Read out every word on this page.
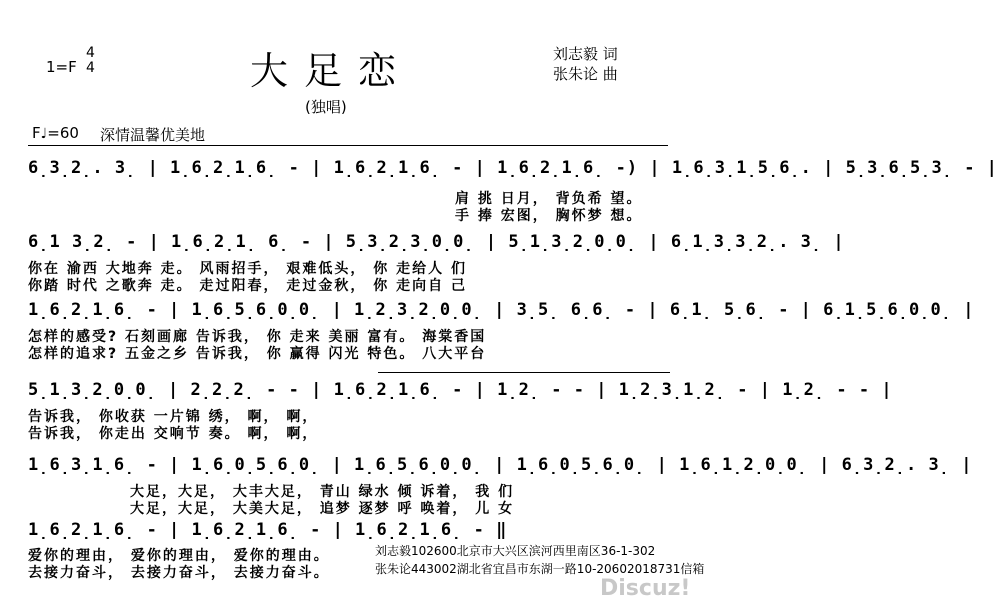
1=F
4
4	大足恋	刘志毅 词
张朱论 曲
(独唱)
F♩=60 深情温馨优美地
6̣3̣2̣. 3̣ | 1̣6̣2̣1̣6̣ - | 1̣6̣2̣1̣6̣ - | 1̣6̣2̣1̣6̣ -) | 1̣6̣3̣1̣5̣6̣. | 5̣3̣6̣5̣3̣ - |
肩 挑 日月， 背负希 望。
手 捧 宏图， 胸怀梦 想。
6̣1 3̣2̣ - | 1̣6̣2̣1̣ 6̣ - | 5̣3̣2̣3̣0̣0̣ | 5̣1̣3̣2̣0̣0̣ | 6̣1̣3̣3̣2̣. 3̣ |
你在 渝西 大地奔 走。 风雨招手， 艰难低头， 你 走给人 们
你踏 时代 之歌奔 走。 走过阳春， 走过金秋， 你 走向自 己
1̣6̣2̣1̣6̣ - | 1̣6̣5̣6̣0̣0̣ | 1̣2̣3̣2̣0̣0̣ | 3̣5̣ 6̣6̣ - | 6̣1̣ 5̣6̣ - | 6̣1̣5̣6̣0̣0̣ |
怎样的感受? 石刻画廊 告诉我， 你 走来 美丽 富有。 海棠香国
怎样的追求? 五金之乡 告诉我， 你 赢得 闪光 特色。 八大平台
5̣1̣3̣2̣0̣0̣ | 2̣2̣2̣ - - | 1̣6̣2̣1̣6̣ - | 1̣2̣ - - | 1̣2̣3̣1̣2̣ - | 1̣2̣ - - |
告诉我， 你收获 一片锦 绣， 啊， 啊，
告诉我， 你走出 交响节 奏。 啊， 啊，
1̣6̣3̣1̣6̣ - | 1̣6̣0̣5̣6̣0̣ | 1̣6̣5̣6̣0̣0̣ | 1̣6̣0̣5̣6̣0̣ | 1̣6̣1̣2̣0̣0̣ | 6̣3̣2̣. 3̣ |
大足，大足， 大丰大足， 青山 绿水 倾 诉着， 我 们
大足，大足， 大美大足， 追梦 逐梦 呼 唤着， 儿 女
1̣6̣2̣1̣6̣ - | 1̣6̣2̣1̣6̣ - | 1̣6̣2̣1̣6̣ - ‖
爱你的理由， 爱你的理由， 爱你的理由。
去接力奋斗， 去接力奋斗， 去接力奋斗。
刘志毅102600北京市大兴区滨河西里南区36-1-302
张朱论443002湖北省宜昌市东湖一路10-20602018731信箱
Discuz!
